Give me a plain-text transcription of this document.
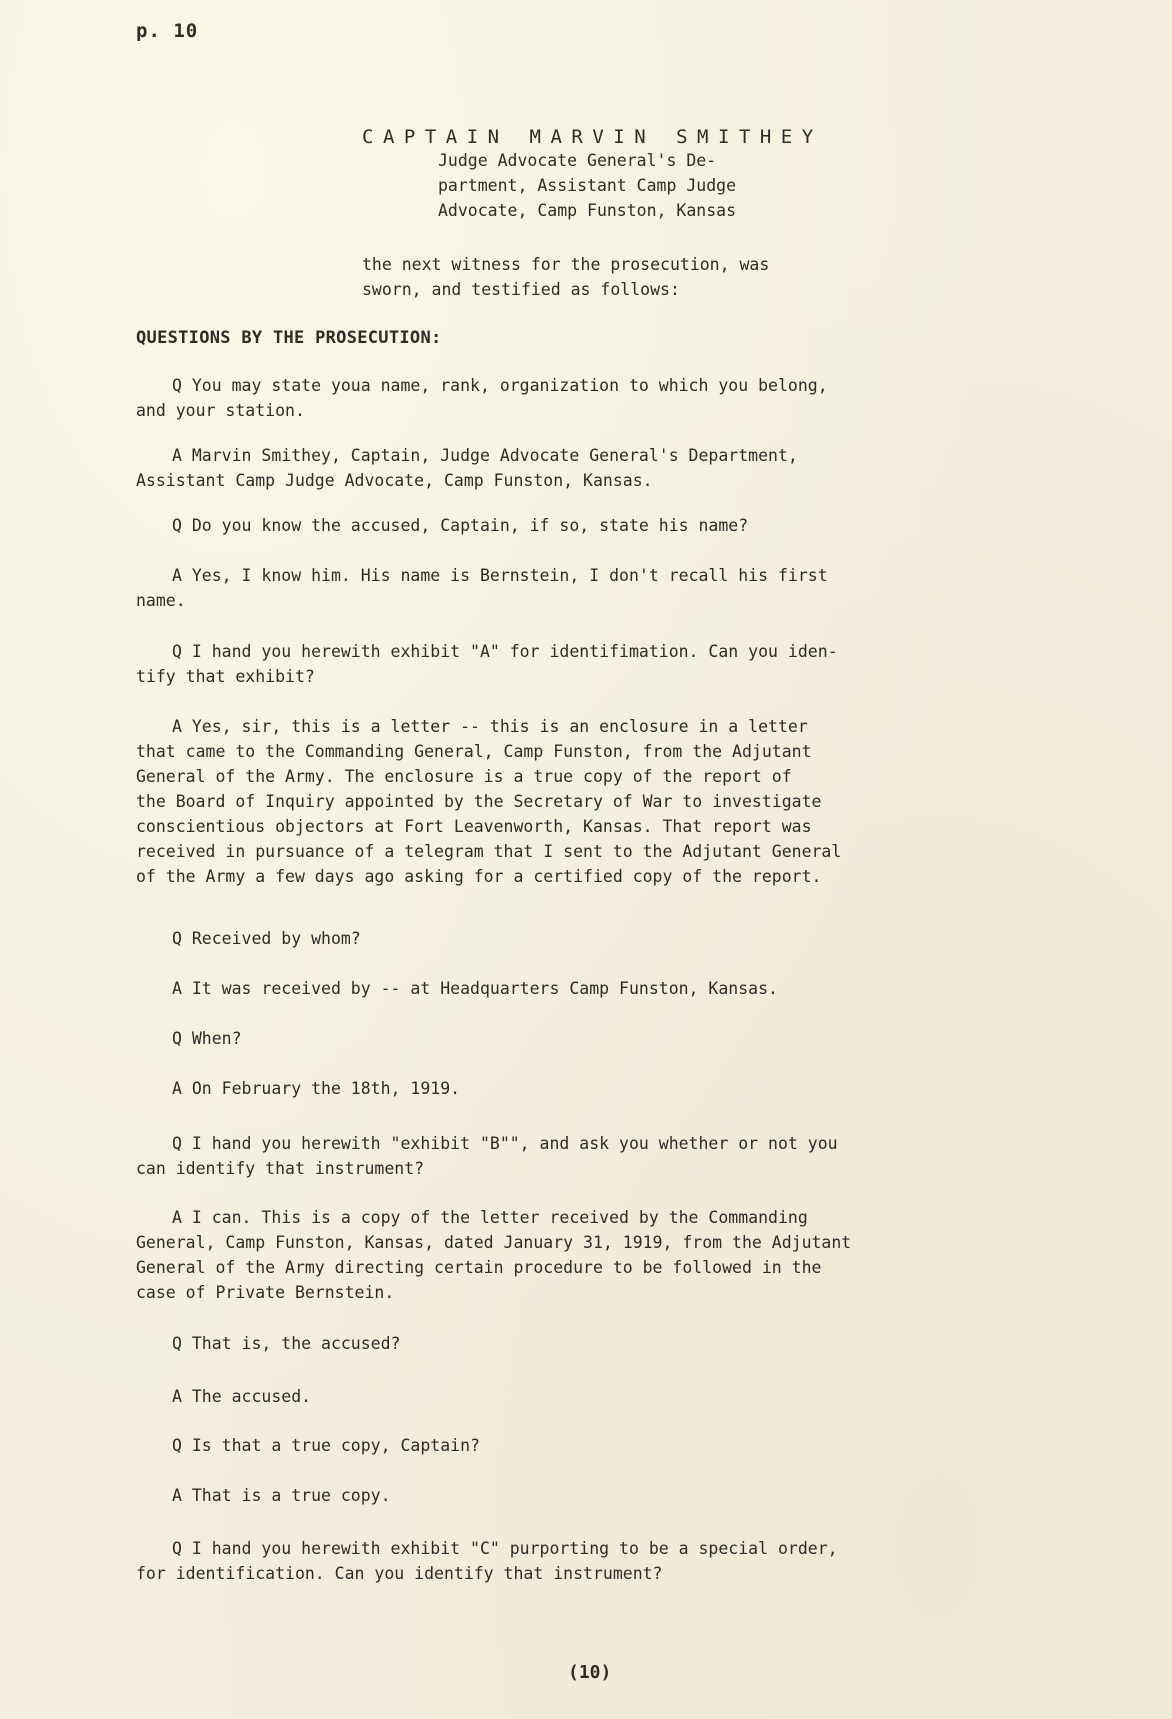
p. 10
CAPTAIN MARVIN SMITHEY
Judge Advocate General's De-
partment, Assistant Camp Judge
Advocate, Camp Funston, Kansas
the next witness for the prosecution, was
sworn, and testified as follows:
QUESTIONS BY THE PROSECUTION:
Q You may state youa name, rank, organization to which you belong,
and your station.
A Marvin Smithey, Captain, Judge Advocate General's Department,
Assistant Camp Judge Advocate, Camp Funston, Kansas.
Q Do you know the accused, Captain, if so, state his name?
A Yes, I know him. His name is Bernstein, I don't recall his first
name.
Q I hand you herewith exhibit "A" for identifimation. Can you iden-
tify that exhibit?
A Yes, sir, this is a letter -- this is an enclosure in a letter
that came to the Commanding General, Camp Funston, from the Adjutant
General of the Army. The enclosure is a true copy of the report of
the Board of Inquiry appointed by the Secretary of War to investigate
conscientious objectors at Fort Leavenworth, Kansas. That report was
received in pursuance of a telegram that I sent to the Adjutant General
of the Army a few days ago asking for a certified copy of the report.
Q Received by whom?
A It was received by -- at Headquarters Camp Funston, Kansas.
Q When?
A On February the 18th, 1919.
Q I hand you herewith "exhibit "B"", and ask you whether or not you
can identify that instrument?
A I can. This is a copy of the letter received by the Commanding
General, Camp Funston, Kansas, dated January 31, 1919, from the Adjutant
General of the Army directing certain procedure to be followed in the
case of Private Bernstein.
Q That is, the accused?
A The accused.
Q Is that a true copy, Captain?
A That is a true copy.
Q I hand you herewith exhibit "C" purporting to be a special order,
for identification. Can you identify that instrument?
(10)
